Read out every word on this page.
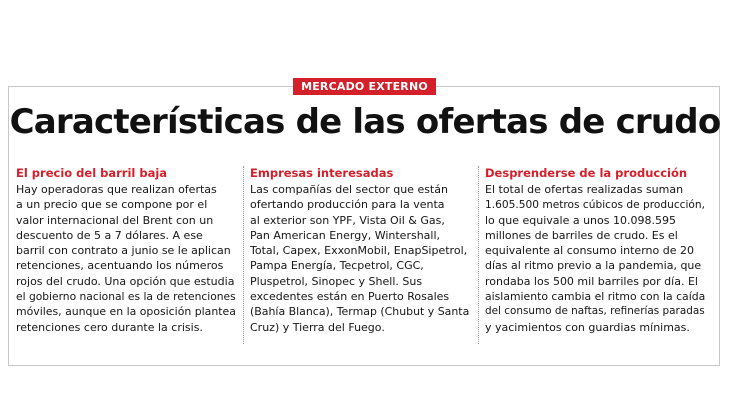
MERCADO EXTERNO
Características de las ofertas de crudo
El precio del barril baja
Hay operadoras que realizan ofertas
a un precio que se compone por el
valor internacional del Brent con un
descuento de 5 a 7 dólares. A ese
barril con contrato a junio se le aplican
retenciones, acentuando los números
rojos del crudo. Una opción que estudia
el gobierno nacional es la de retenciones
móviles, aunque en la oposición plantea
retenciones cero durante la crisis.
Empresas interesadas
Las compañías del sector que están
ofertando producción para la venta
al exterior son YPF, Vista Oil & Gas,
Pan American Energy, Wintershall,
Total, Capex, ExxonMobil, EnapSipetrol,
Pampa Energía, Tecpetrol, CGC,
Pluspetrol, Sinopec y Shell. Sus
excedentes están en Puerto Rosales
(Bahía Blanca), Termap (Chubut y Santa
Cruz) y Tierra del Fuego.
Desprenderse de la producción
El total de ofertas realizadas suman
1.605.500 metros cúbicos de producción,
lo que equivale a unos 10.098.595
millones de barriles de crudo. Es el
equivalente al consumo interno de 20
días al ritmo previo a la pandemia, que
rondaba los 500 mil barriles por día. El
aislamiento cambia el ritmo con la caída
del consumo de naftas, refinerías paradas
y yacimientos con guardias mínimas.
